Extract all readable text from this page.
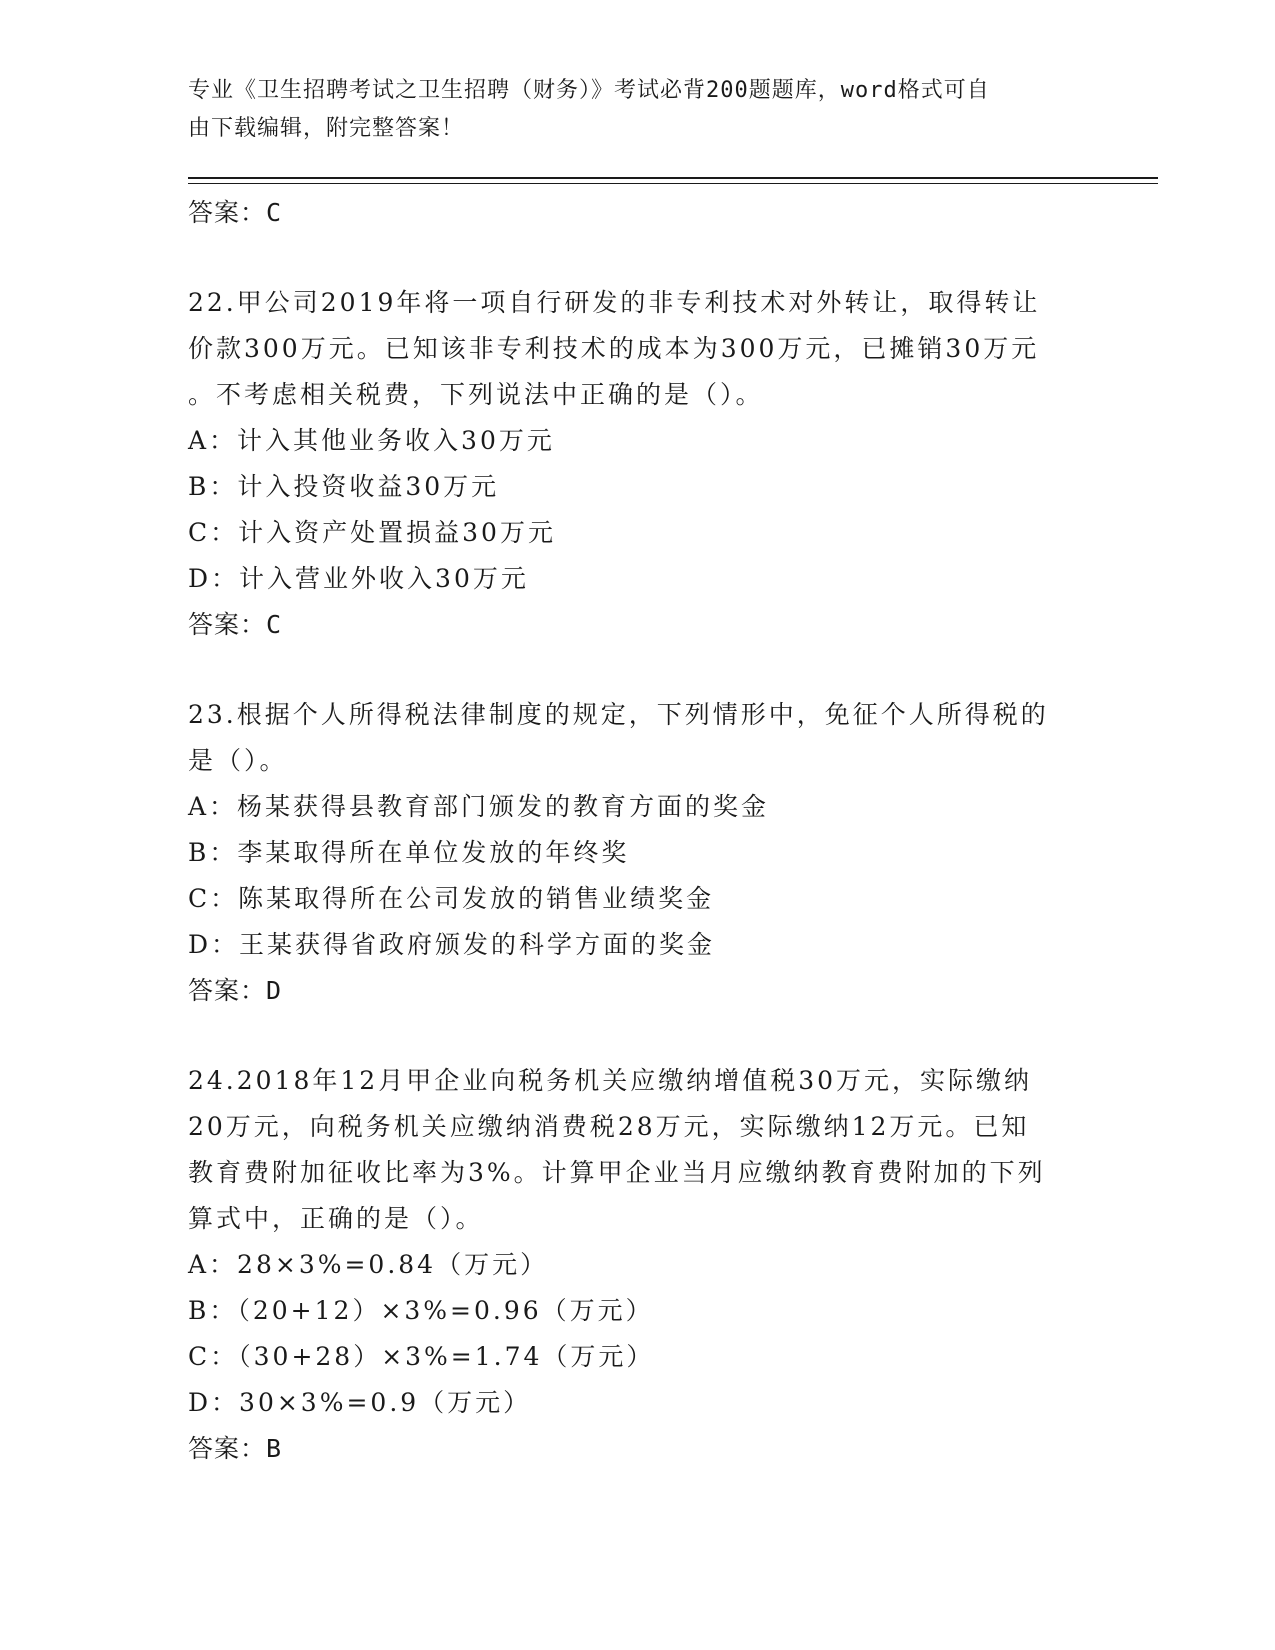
专业《卫生招聘考试之卫生招聘（财务）》考试必背200题题库，word格式可自
由下载编辑，附完整答案！
答案：C
22.甲公司2019年将一项自行研发的非专利技术对外转让，取得转让
价款300万元。已知该非专利技术的成本为300万元，已摊销30万元
。不考虑相关税费，下列说法中正确的是（）。
A：计入其他业务收入30万元
B：计入投资收益30万元
C：计入资产处置损益30万元
D：计入营业外收入30万元
答案：C
23.根据个人所得税法律制度的规定，下列情形中，免征个人所得税的
是（）。
A：杨某获得县教育部门颁发的教育方面的奖金
B：李某取得所在单位发放的年终奖
C：陈某取得所在公司发放的销售业绩奖金
D：王某获得省政府颁发的科学方面的奖金
答案：D
24.2018年12月甲企业向税务机关应缴纳增值税30万元，实际缴纳
20万元，向税务机关应缴纳消费税28万元，实际缴纳12万元。已知
教育费附加征收比率为3%。计算甲企业当月应缴纳教育费附加的下列
算式中，正确的是（）。
A：28×3%=0.84（万元）
B：（20+12）×3%=0.96（万元）
C：（30+28）×3%=1.74（万元）
D：30×3%=0.9（万元）
答案：B
